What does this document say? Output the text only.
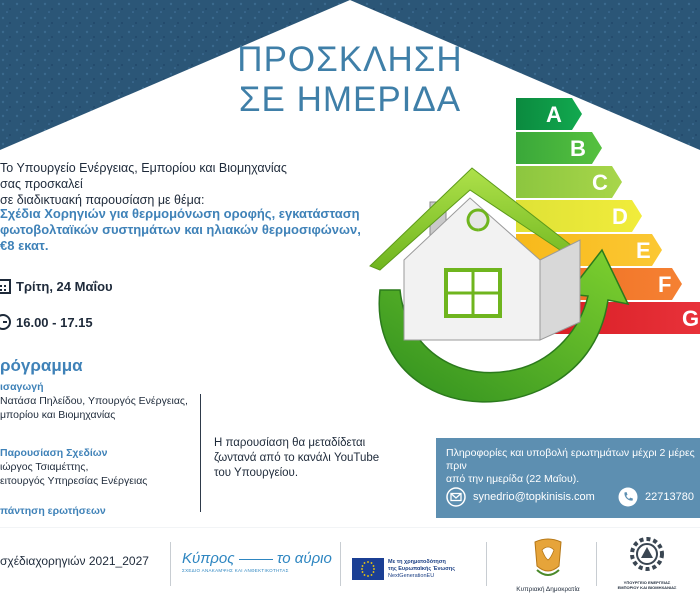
ΠΡΟΣΚΛΗΣΗ
ΣΕ ΗΜΕΡΙΔΑ	A
B
C
D
E
F
G
Το Υπουργείο Ενέργειας, Εμπορίου και Βιομηχανίας σας προσκαλεί
σε διαδικτυακή παρουσίαση με θέμα:
Σχέδια Χορηγιών για θερμομόνωση οροφής, εγκατάσταση
φωτοβολταϊκών συστημάτων και ηλιακών θερμοσιφώνων,
€8 εκατ.
Τρίτη, 24 Μαΐου
16.00 - 17.15
ρόγραμμα
ισαγωγή
Νατάσα Πηλείδου, Υπουργός Ενέργειας,
μπορίου και Βιομηχανίας
Παρουσίαση Σχεδίων
ιώργος Τσιαμέττης,
ειτουργός Υπηρεσίας Ενέργειας
πάντηση ερωτήσεων
Η παρουσίαση θα μεταδίδεται
ζωντανά από το κανάλι YouTube
του Υπουργείου.
Πληροφορίες και υποβολή ερωτημάτων μέχρι 2 μέρες πριν
από την ημερίδα (22 Μαΐου).
synedrio@topkinisis.com	22713780
σχέδιαχορηγιών 2021_2027 Κύπρος	το αύριο
ΣΧΕΔΙΟ ΑΝΑΚΑΜΨΗΣ ΚΑΙ ΑΝΘΕΚΤΙΚΟΤΗΤΑΣ
Με τη χρηματοδότηση
της Ευρωπαϊκής Ένωσης
NextGenerationEU
Κυπριακή Δημοκρατία
ΥΠΟΥΡΓΕΙΟ ΕΝΕΡΓΕΙΑΣ
ΕΜΠΟΡΙΟΥ ΚΑΙ ΒΙΟΜΗΧΑΝΙΑΣ
